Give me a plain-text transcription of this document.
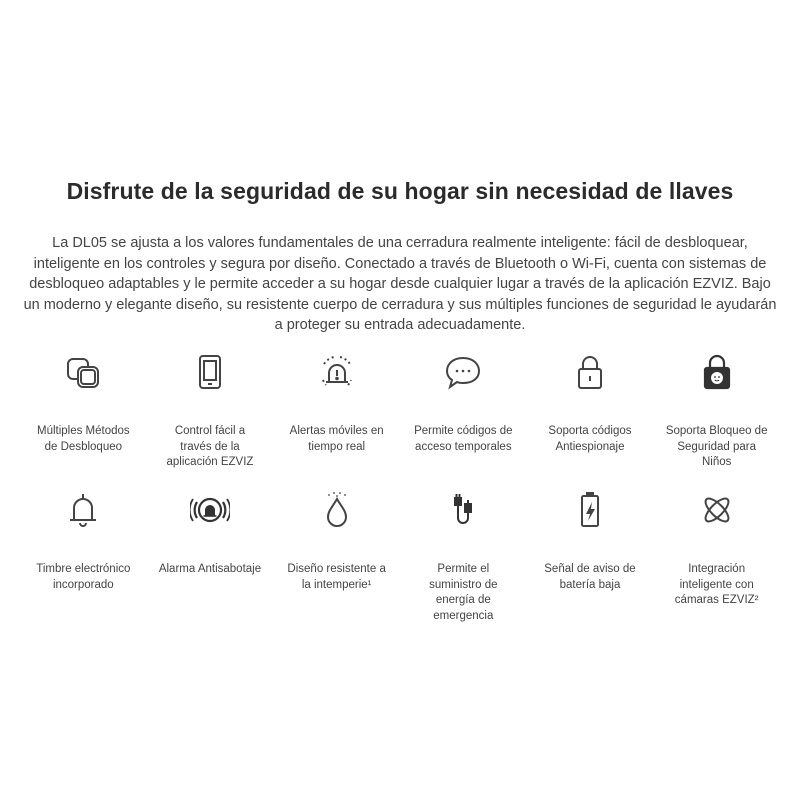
Disfrute de la seguridad de su hogar sin necesidad de llaves

La DL05 se ajusta a los valores fundamentales de una cerradura realmente inteligente: fácil de desbloquear, inteligente en los controles y segura por diseño. Conectado a través de Bluetooth o Wi-Fi, cuenta con sistemas de desbloqueo adaptables y le permite acceder a su hogar desde cualquier lugar a través de la aplicación EZVIZ. Bajo un moderno y elegante diseño, su resistente cuerpo de cerradura y sus múltiples funciones de seguridad le ayudarán a proteger su entrada adecuadamente.

Múltiples Métodos de Desbloqueo
Control fácil a través de la aplicación EZVIZ
Alertas móviles en tiempo real
Permite códigos de acceso temporales
Soporta códigos Antiespionaje
Soporta Bloqueo de Seguridad para Niños
Timbre electrónico incorporado
Alarma Antisabotaje Diseño resistente a la intemperie¹
Permite el suministro de energía de emergencia
Señal de aviso de batería baja
Integración inteligente con cámaras EZVIZ²
